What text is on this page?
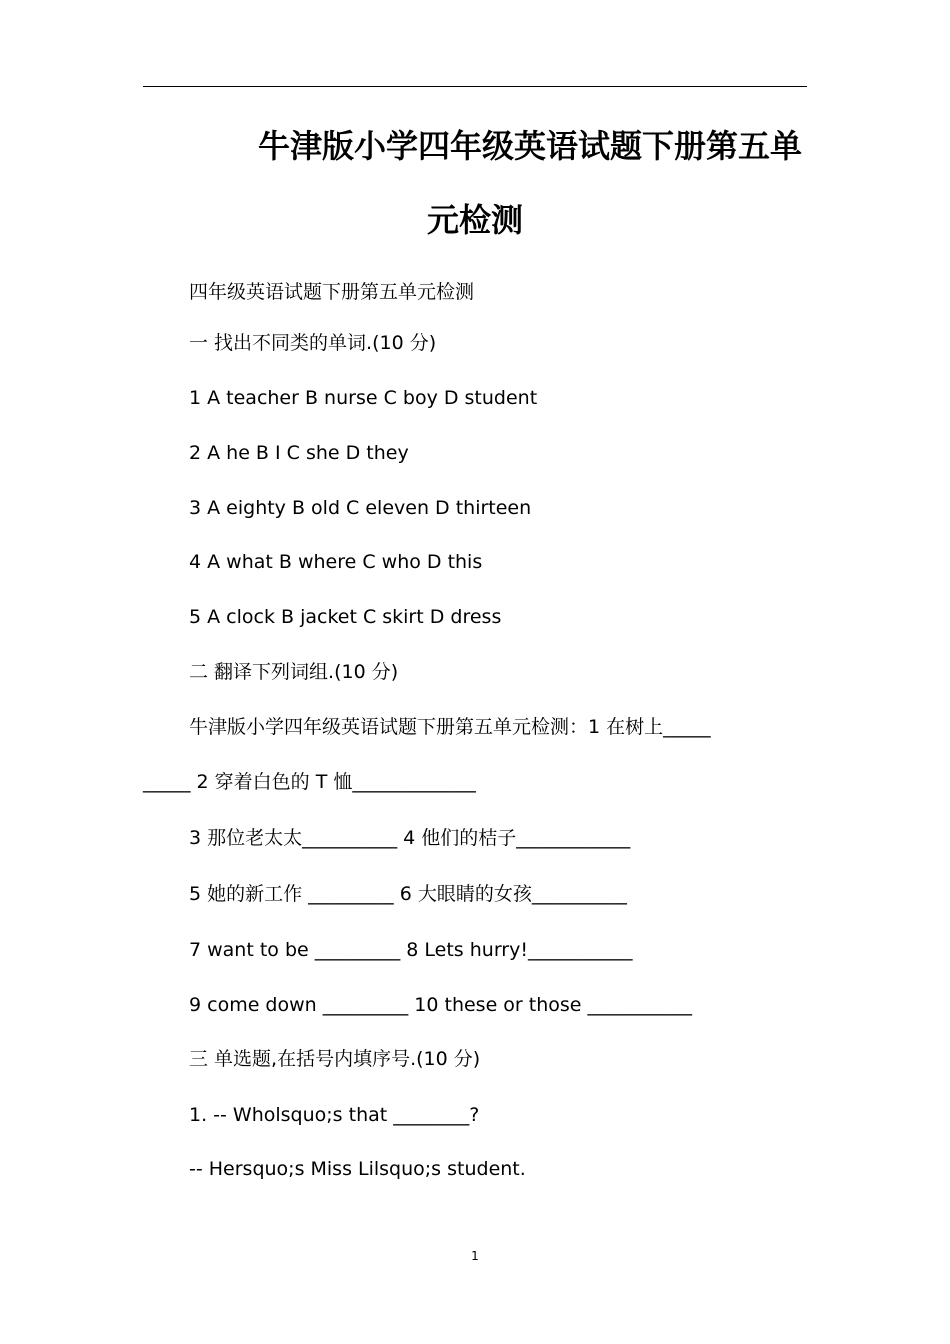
牛津版小学四年级英语试题下册第五单
元检测
四年级英语试题下册第五单元检测
一 找出不同类的单词.(10 分)
1 A teacher B nurse C boy D student
2 A he B I C she D they
3 A eighty B old C eleven D thirteen
4 A what B where C who D this
5 A clock B jacket C skirt D dress
二 翻译下列词组.(10 分)
牛津版小学四年级英语试题下册第五单元检测：1 在树上_____
_____ 2 穿着白色的 T 恤_____________
3 那位老太太__________ 4 他们的桔子____________
5 她的新工作 _________ 6 大眼睛的女孩__________
7 want to be _________ 8 Lets hurry!___________
9 come down _________ 10 these or those ___________
三 单选题,在括号内填序号.(10 分)
1. -- Wholsquo;s that ________?
-- Hersquo;s Miss Lilsquo;s student.
1
